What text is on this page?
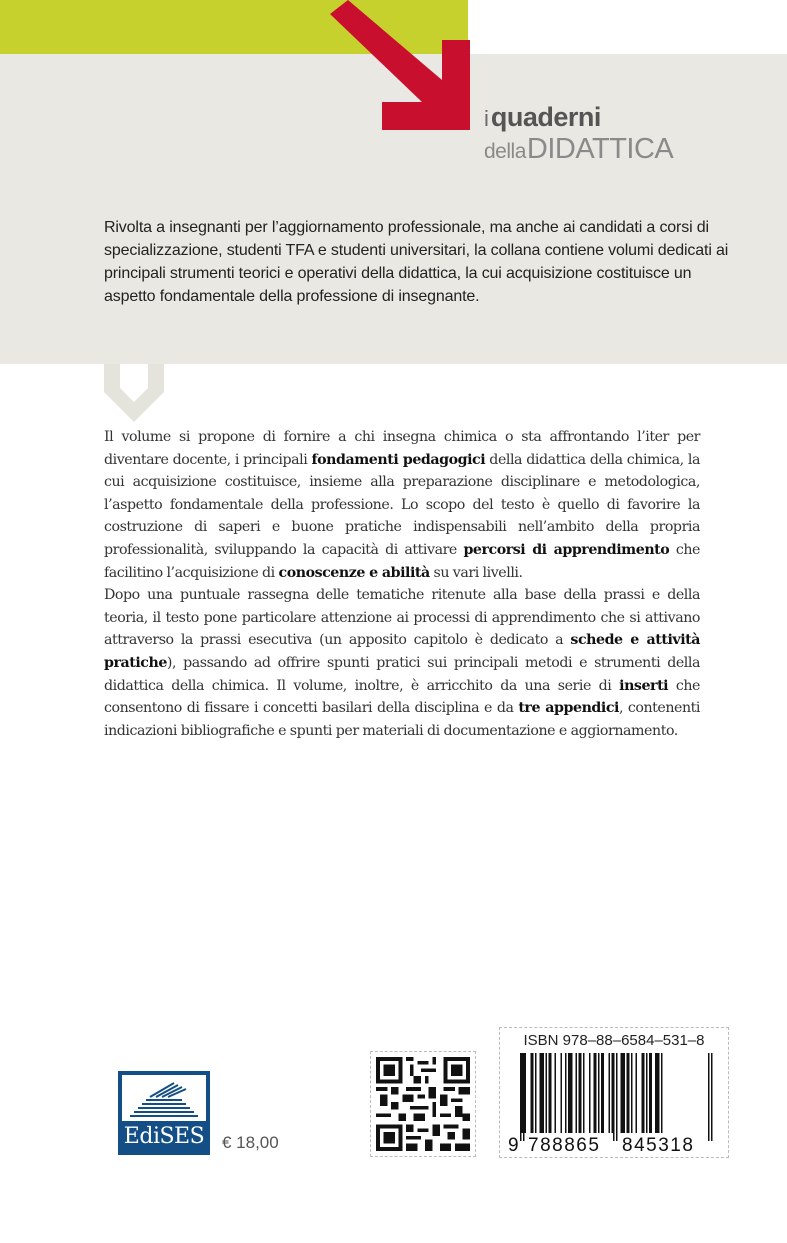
i quaderni
della DIDATTICA

Rivolta a insegnanti per l’aggiornamento professionale, ma anche ai candidati a corsi di specializzazione, studenti TFA e studenti universitari, la collana contiene volumi dedicati ai principali strumenti teorici e operativi della didattica, la cui acquisizione costituisce un aspetto fondamentale della professione di insegnante.

Il volume si propone di fornire a chi insegna chimica o sta affrontando l’iter per diventare docente, i principali fondamenti pedagogici della didattica della chimica, la cui acquisizione costituisce, insieme alla preparazione disciplinare e metodologica, l’aspetto fondamentale della professione. Lo scopo del testo è quello di favorire la costruzione di saperi e buone pratiche indispensabili nell’ambito della propria professionalità, sviluppando la capacità di attivare percorsi di apprendimento che facilitino l’acquisizione di conoscenze e abilità su vari livelli.

Dopo una puntuale rassegna delle tematiche ritenute alla base della prassi e della teoria, il testo pone particolare attenzione ai processi di apprendimento che si attivano attraverso la prassi esecutiva (un apposito capitolo è dedicato a schede e attività pratiche), passando ad offrire spunti pratici sui principali metodi e strumenti della didattica della chimica. Il volume, inoltre, è arricchito da una serie di inserti che consentono di fissare i concetti basilari della disciplina e da tre appendici, contenenti indicazioni bibliografiche e spunti per materiali di documentazione e aggiornamento.

EdiSES	€ 18,00
ISBN 978–88–6584–531–8
9 788865 845318
